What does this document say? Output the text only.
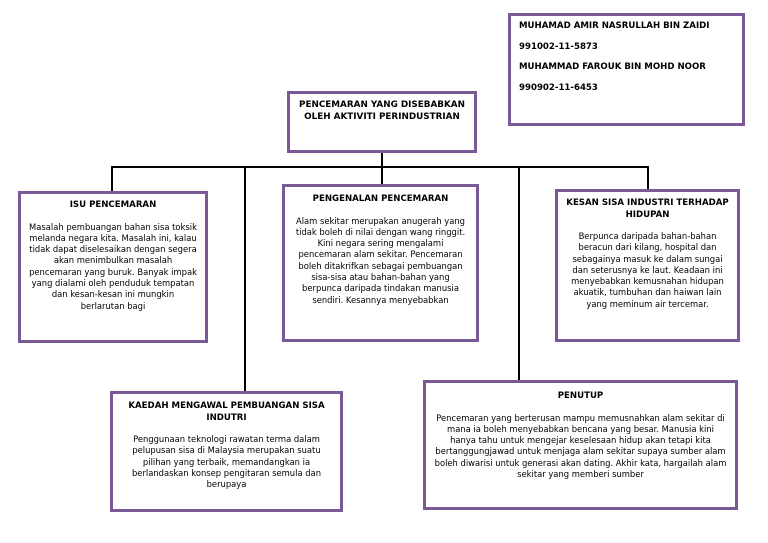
MUHAMAD AMIR NASRULLAH BIN ZAIDI

991002-11-5873

MUHAMMAD FAROUK BIN MOHD NOOR

990902-11-6453

PENCEMARAN YANG DISEBABKAN OLEH AKTIVITI PERINDUSTRIAN
ISU PENCEMARAN
Masalah pembuangan bahan sisa toksik melanda negara kita. Masalah ini, kalau tidak dapat diselesaikan dengan segera akan menimbulkan masalah pencemaran yang buruk. Banyak impak yang dialami oleh penduduk tempatan dan kesan-kesan ini mungkin berlarutan bagi
PENGENALAN PENCEMARAN
Alam sekitar merupakan anugerah yang tidak boleh di nilai dengan wang ringgit. Kini negara sering mengalami pencemaran alam sekitar. Pencemaran boleh ditakrifkan sebagai pembuangan sisa-sisa atau bahan-bahan yang berpunca daripada tindakan manusia sendiri. Kesannya menyebabkan
KESAN SISA INDUSTRI TERHADAP HIDUPAN
Berpunca daripada bahan-bahan beracun dari kilang, hospital dan sebagainya masuk ke dalam sungai dan seterusnya ke laut. Keadaan ini menyebabkan kemusnahan hidupan akuatik, tumbuhan dan haiwan lain yang meminum air tercemar.
KAEDAH MENGAWAL PEMBUANGAN SISA INDUTRI
Penggunaan teknologi rawatan terma dalam pelupusan sisa di Malaysia merupakan suatu pilihan yang terbaik, memandangkan ia berlandaskan konsep pengitaran semula dan berupaya
PENUTUP
Pencemaran yang berterusan mampu memusnahkan alam sekitar di mana ia boleh menyebabkan bencana yang besar. Manusia kini hanya tahu untuk mengejar keselesaan hidup akan tetapi kita bertanggungjawad untuk menjaga alam sekitar supaya sumber alam boleh diwarisi untuk generasi akan dating. Akhir kata, hargailah alam sekitar yang memberi sumber
